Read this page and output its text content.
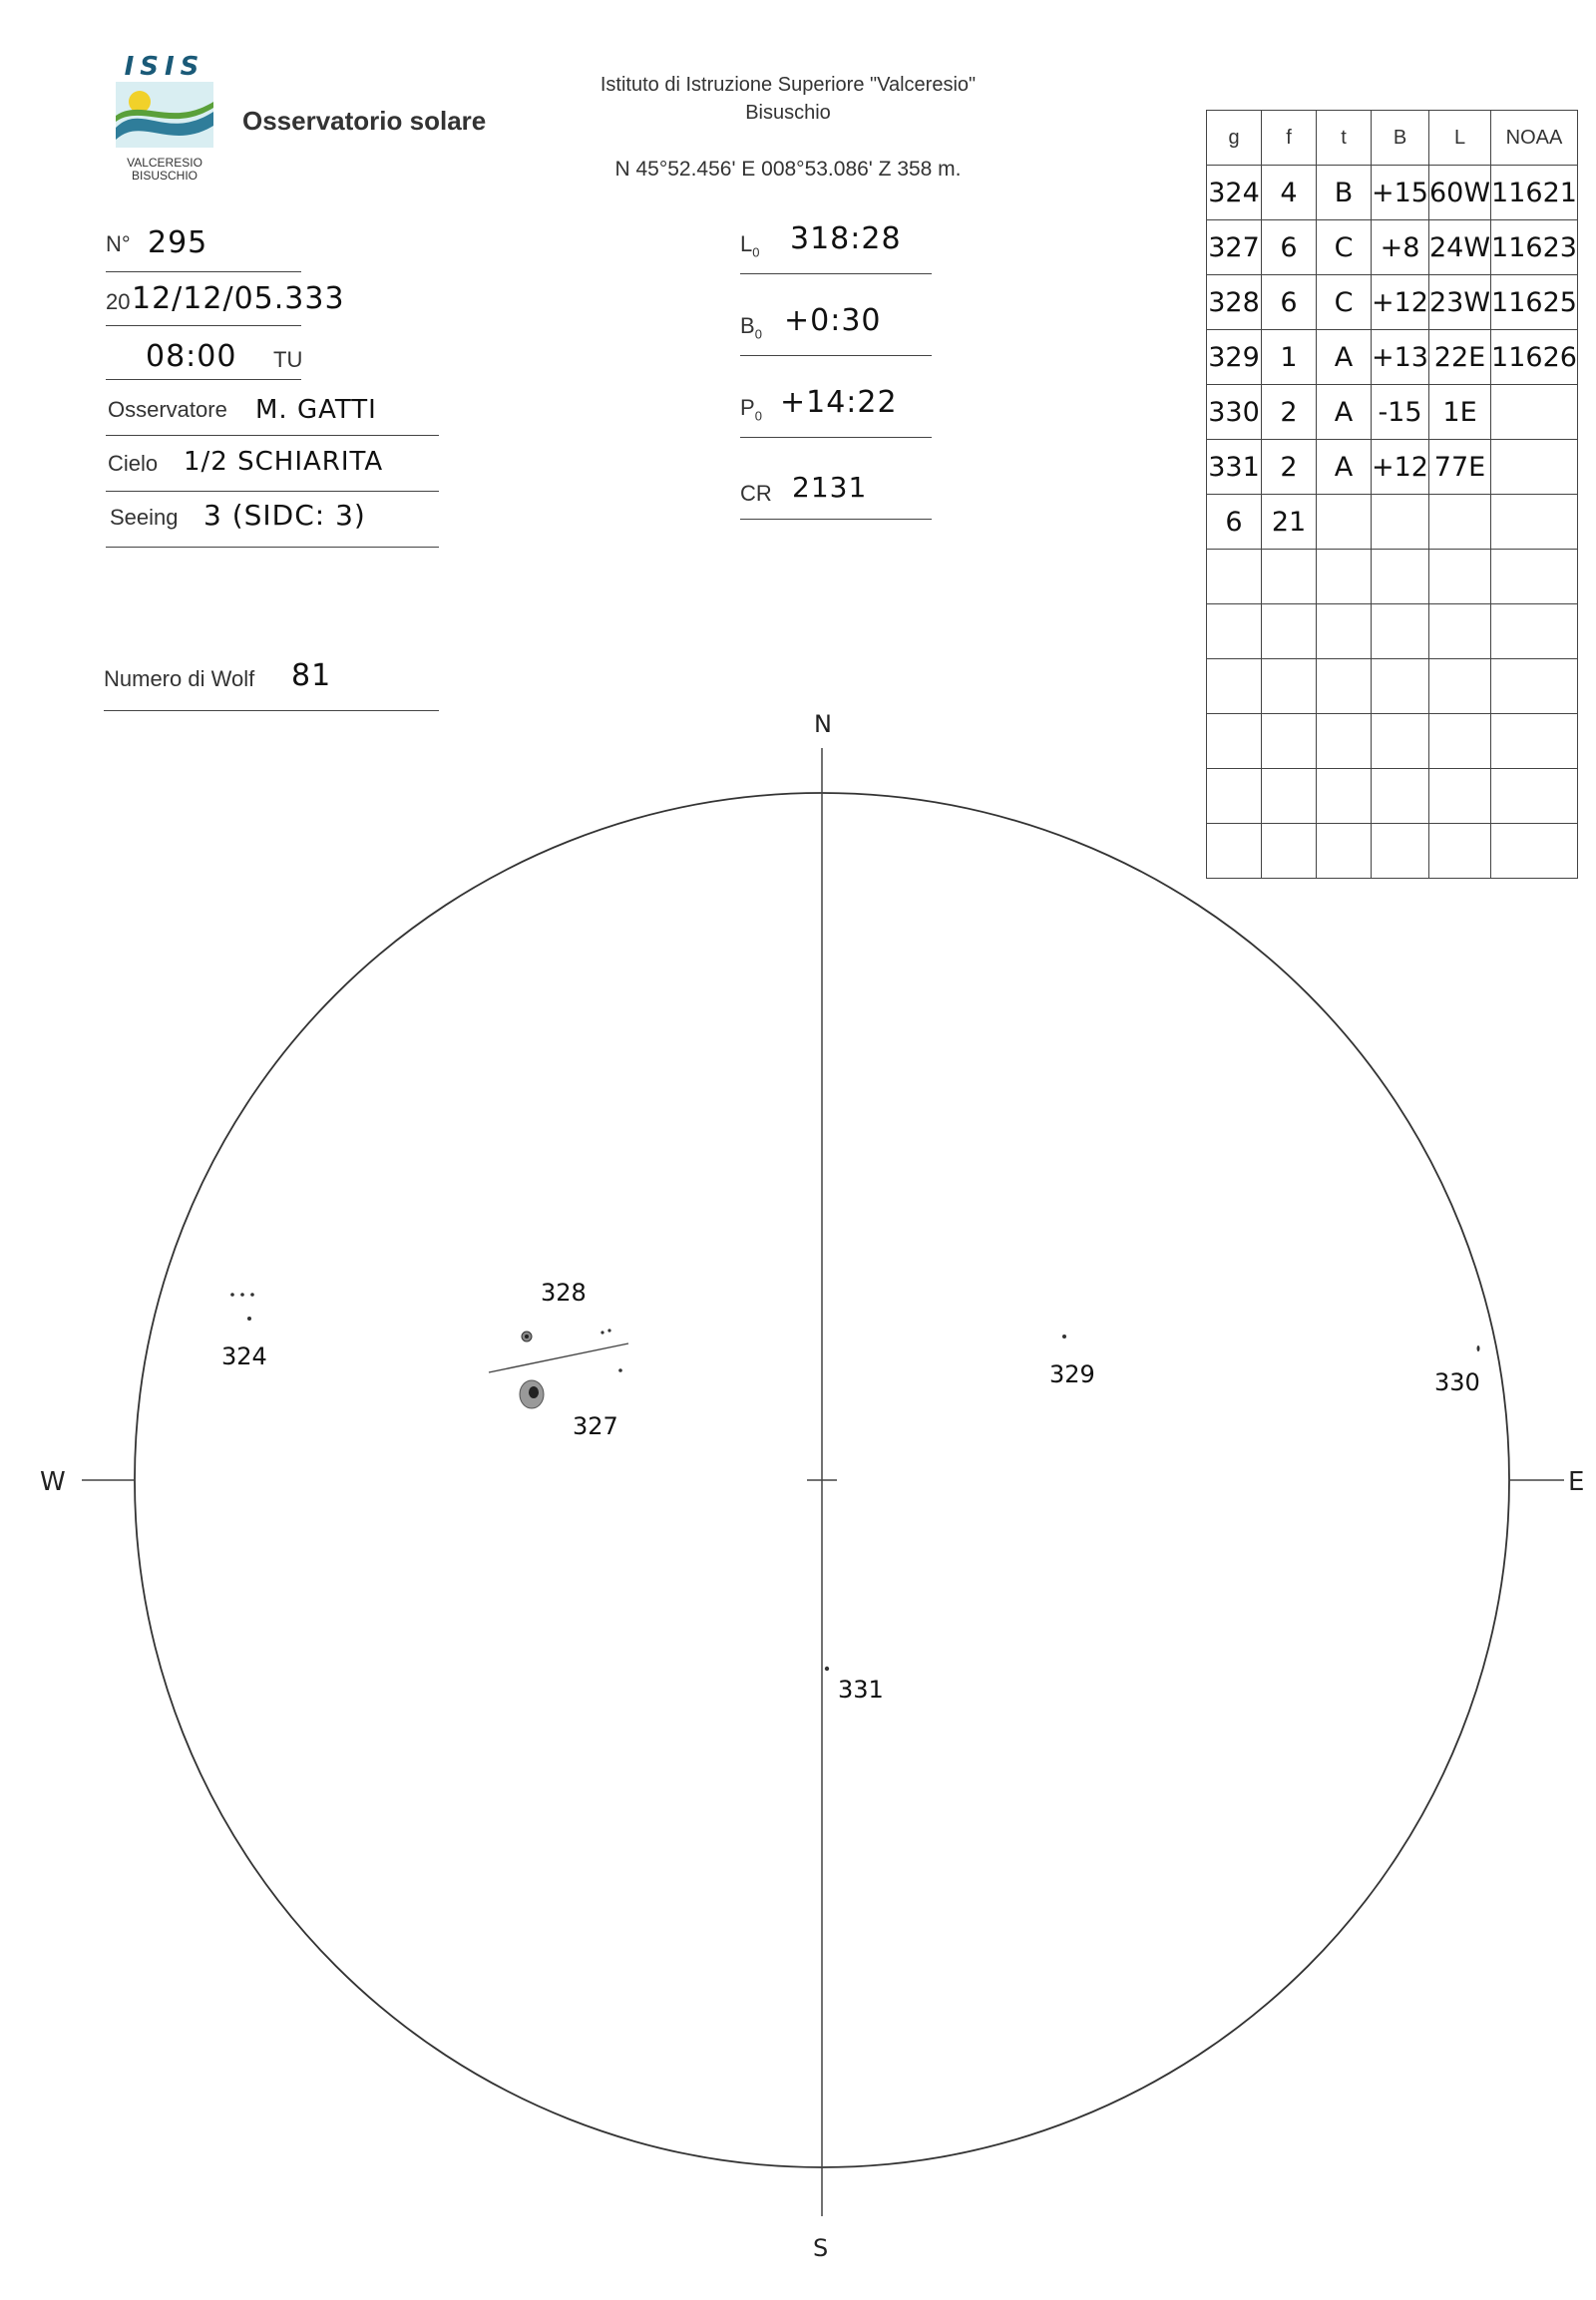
ISIS
VALCERESIO
BISUSCHIO
Osservatorio solare
Istituto di Istruzione Superiore "Valceresio"
Bisuschio
N 45°52.456' E 008°53.086' Z 358 m.
N° 295
20 12/12/05.333
08:00 TU
Osservatore M. GATTI
Cielo 1/2 SCHIARITA
Seeing 3 (SIDC: 3)
Numero di Wolf 81
$L_0$ 318:28
$B_0$ +0:30
$P_0$ +14:22
CR 2131
g	f	t	B	L	NOAA
324	4	B	+15	60W	11621
327	6	C	+8	24W	11623
328	6	C	+12	23W	11625
329	1	A	+13	22E	11626
330	2	A	-15	1E	
331	2	A	+12	77E	
6	21				

N
S
W	E
324
328
327
329	330
331
